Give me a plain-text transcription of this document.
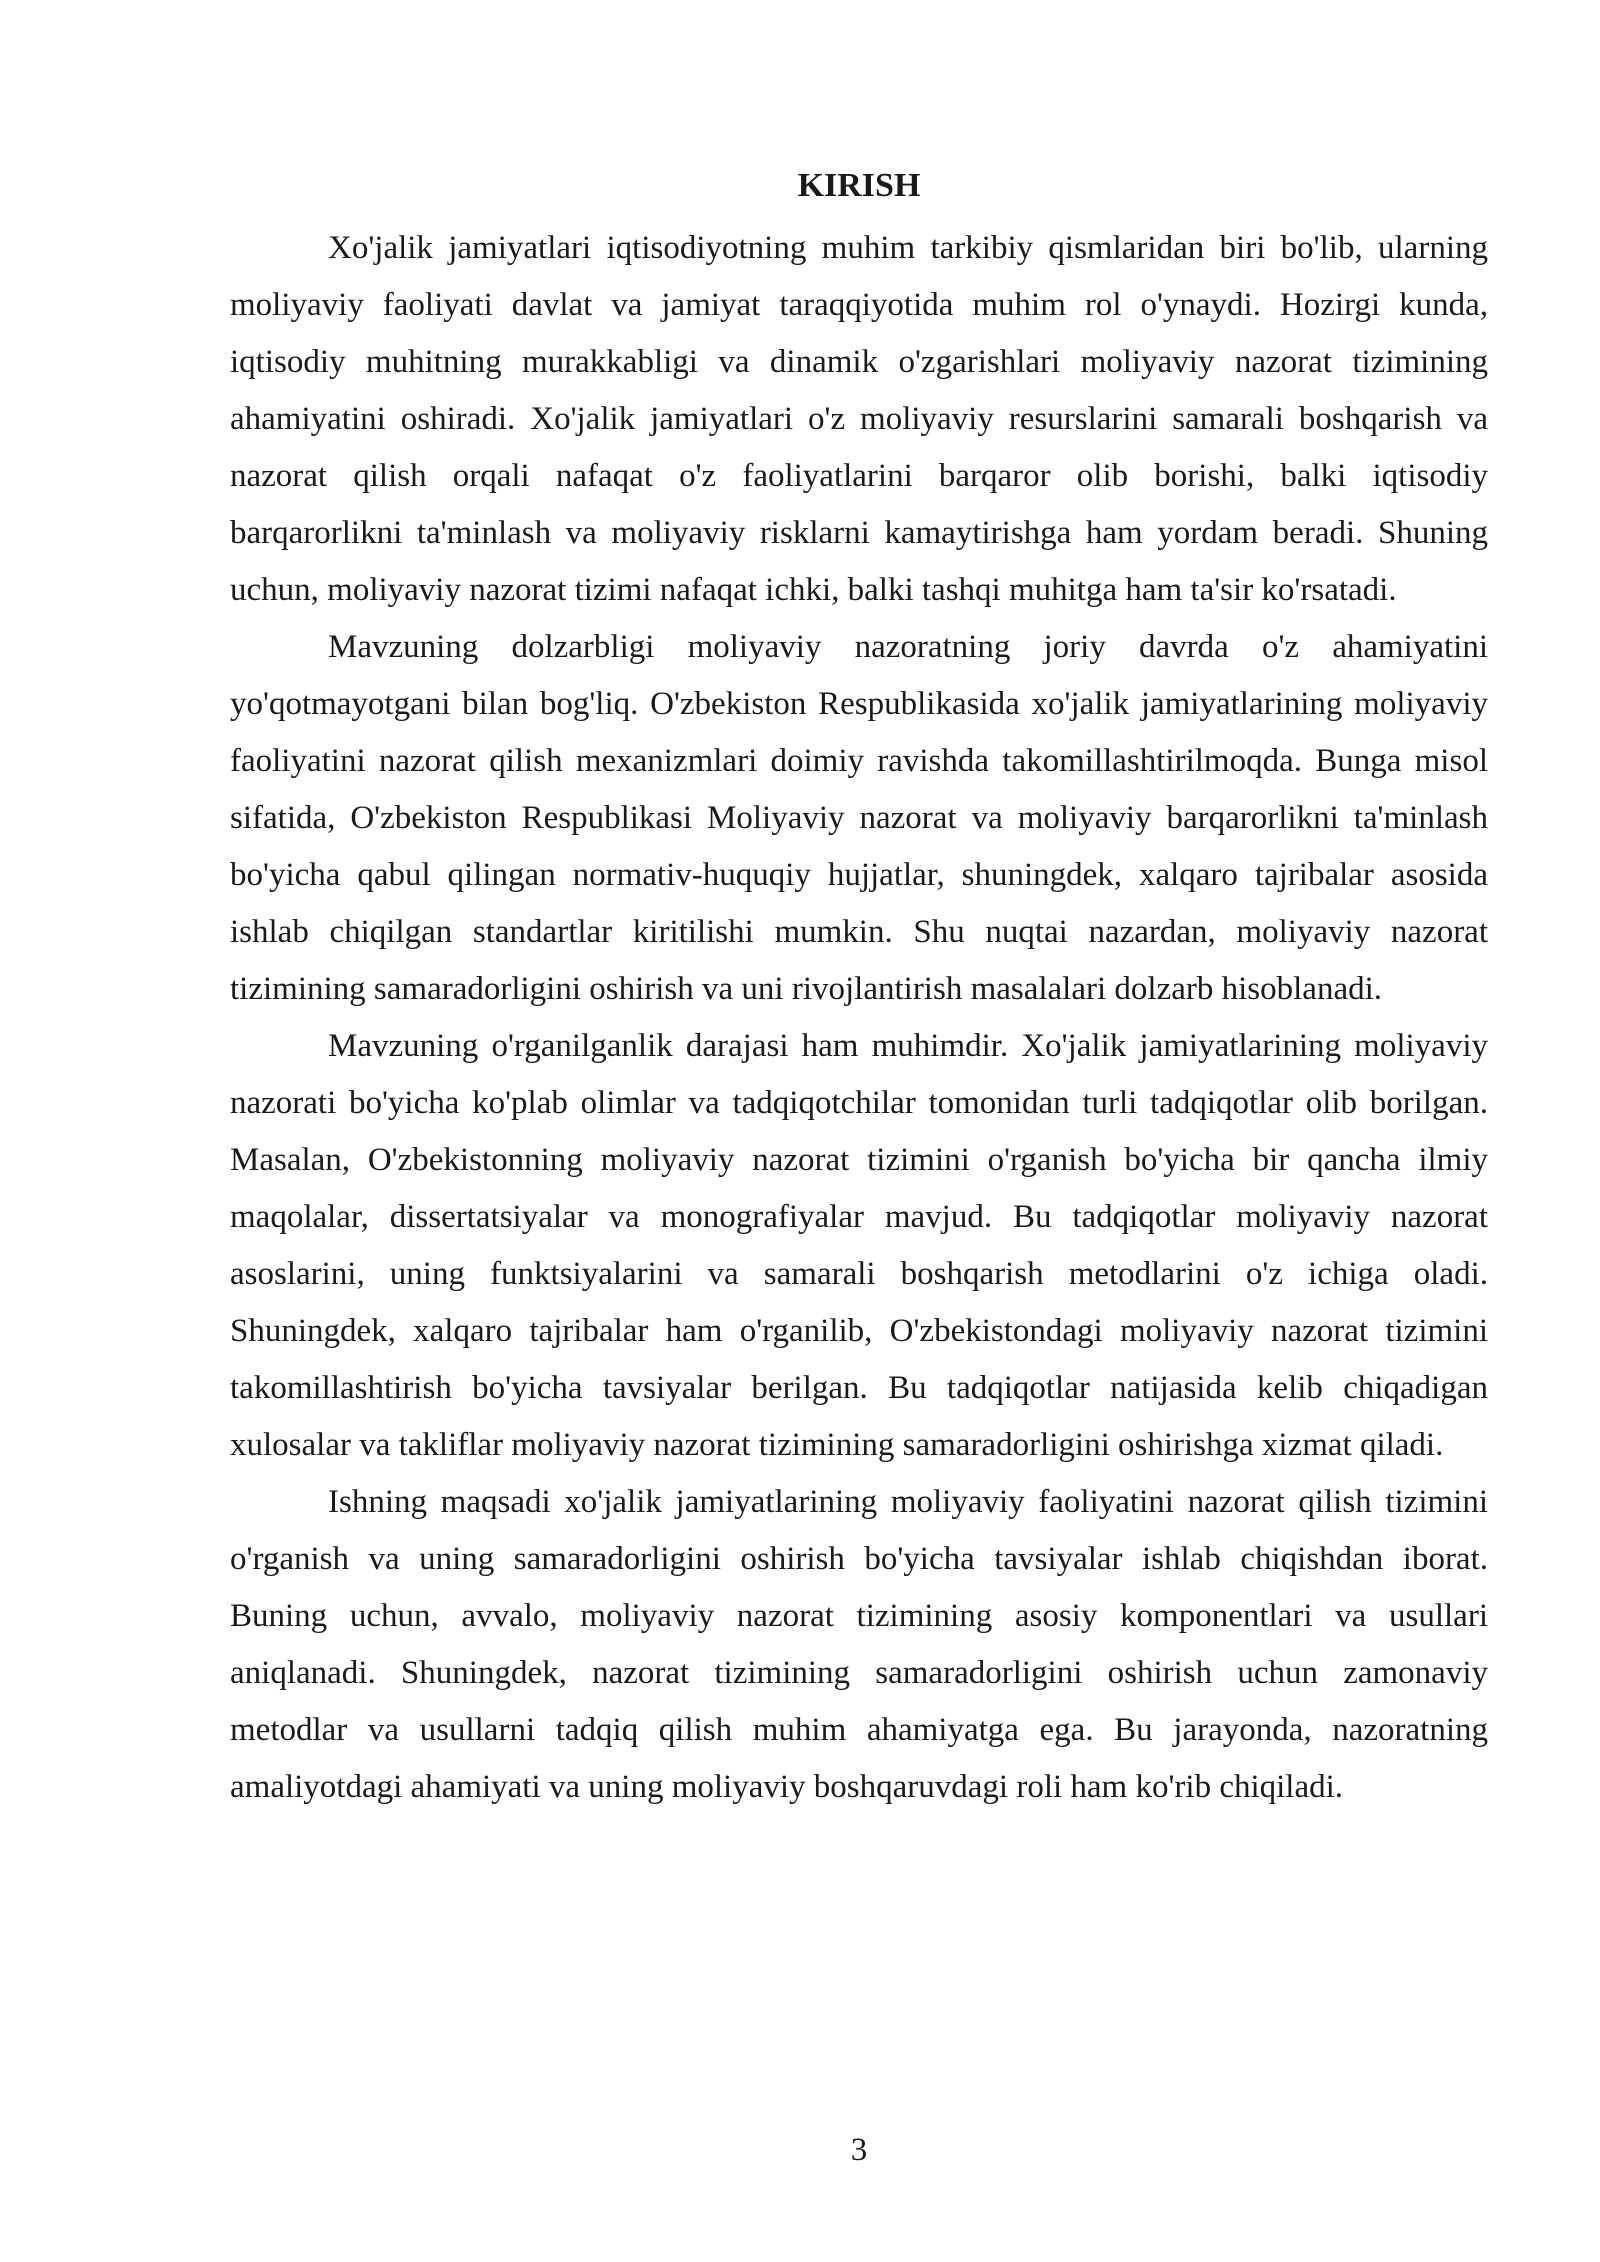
KIRISH

Xo'jalik jamiyatlari iqtisodiyotning muhim tarkibiy qismlaridan biri bo'lib, ularning moliyaviy faoliyati davlat va jamiyat taraqqiyotida muhim rol o'ynaydi. Hozirgi kunda, iqtisodiy muhitning murakkabligi va dinamik o'zgarishlari moliyaviy nazorat tizimining ahamiyatini oshiradi. Xo'jalik jamiyatlari o'z moliyaviy resurslarini samarali boshqarish va nazorat qilish orqali nafaqat o'z faoliyatlarini barqaror olib borishi, balki iqtisodiy barqarorlikni ta'minlash va moliyaviy risklarni kamaytirishga ham yordam beradi. Shuning uchun, moliyaviy nazorat tizimi nafaqat ichki, balki tashqi muhitga ham ta'sir ko'rsatadi.

Mavzuning dolzarbligi moliyaviy nazoratning joriy davrda o'z ahamiyatini yo'qotmayotgani bilan bog'liq. O'zbekiston Respublikasida xo'jalik jamiyatlarining moliyaviy faoliyatini nazorat qilish mexanizmlari doimiy ravishda takomillashtirilmoqda. Bunga misol sifatida, O'zbekiston Respublikasi Moliyaviy nazorat va moliyaviy barqarorlikni ta'minlash bo'yicha qabul qilingan normativ-huquqiy hujjatlar, shuningdek, xalqaro tajribalar asosida ishlab chiqilgan standartlar kiritilishi mumkin. Shu nuqtai nazardan, moliyaviy nazorat tizimining samaradorligini oshirish va uni rivojlantirish masalalari dolzarb hisoblanadi.

Mavzuning o'rganilganlik darajasi ham muhimdir. Xo'jalik jamiyatlarining moliyaviy nazorati bo'yicha ko'plab olimlar va tadqiqotchilar tomonidan turli tadqiqotlar olib borilgan. Masalan, O'zbekistonning moliyaviy nazorat tizimini o'rganish bo'yicha bir qancha ilmiy maqolalar, dissertatsiyalar va monografiyalar mavjud. Bu tadqiqotlar moliyaviy nazorat asoslarini, uning funktsiyalarini va samarali boshqarish metodlarini o'z ichiga oladi. Shuningdek, xalqaro tajribalar ham o'rganilib, O'zbekistondagi moliyaviy nazorat tizimini takomillashtirish bo'yicha tavsiyalar berilgan. Bu tadqiqotlar natijasida kelib chiqadigan xulosalar va takliflar moliyaviy nazorat tizimining samaradorligini oshirishga xizmat qiladi.

Ishning maqsadi xo'jalik jamiyatlarining moliyaviy faoliyatini nazorat qilish tizimini o'rganish va uning samaradorligini oshirish bo'yicha tavsiyalar ishlab chiqishdan iborat. Buning uchun, avvalo, moliyaviy nazorat tizimining asosiy komponentlari va usullari aniqlanadi. Shuningdek, nazorat tizimining samaradorligini oshirish uchun zamonaviy metodlar va usullarni tadqiq qilish muhim ahamiyatga ega. Bu jarayonda, nazoratning amaliyotdagi ahamiyati va uning moliyaviy boshqaruvdagi roli ham ko'rib chiqiladi.

3
